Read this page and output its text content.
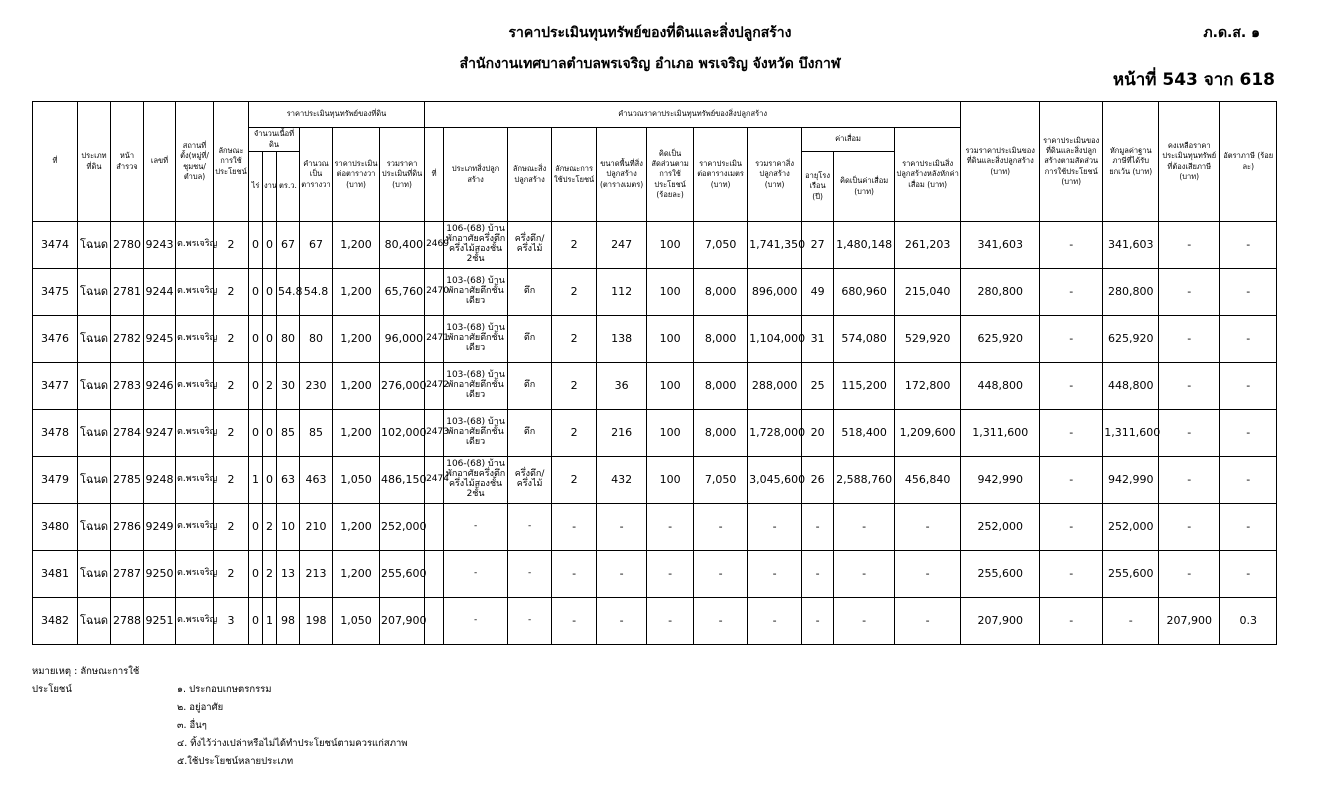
ราคาประเมินทุนทรัพย์ของที่ดินและสิ่งปลูกสร้าง	ภ.ด.ส. ๑
สำนักงานเทศบาลตำบลพรเจริญ อำเภอ พรเจริญ จังหวัด บึงกาฬ
หน้าที่ 543 จาก 618
ที่	ประเภทที่ดิน	หน้าสำรวจ	เลขที่	สถานที่ตั้ง(หมู่ที่/ชุมชน/ตำบล)	ลักษณะการใช้ประโยชน์	ราคาประเมินทุนทรัพย์ของที่ดิน						คำนวณราคาประเมินทุนทรัพย์ของสิ่งปลูกสร้าง											รวมราคาประเมินของที่ดินและสิ่งปลูกสร้าง (บาท)	ราคาประเมินของที่ดินและสิ่งปลูกสร้างตามสัดส่วนการใช้ประโยชน์ (บาท)	หักมูลค่าฐานภาษีที่ได้รับยกเว้น (บาท)	คงเหลือราคาประเมินทุนทรัพย์ที่ต้องเสียภาษี (บาท)	อัตราภาษี (ร้อยละ)
						จำนวนเนื้อที่ดิน			คำนวณเป็นตารางวา	ราคาประเมินต่อตารางวา (บาท)	รวมราคาประเมินที่ดิน (บาท)	ที่	ประเภทสิ่งปลูกสร้าง	ลักษณะสิ่งปลูกสร้าง	ลักษณะการใช้ประโยชน์	ขนาดพื้นที่สิ่งปลูกสร้าง (ตารางเมตร)	คิดเป็นสัดส่วนตามการใช้ประโยชน์ (ร้อยละ)	ราคาประเมินต่อตารางเมตร (บาท)	รวมราคาสิ่งปลูกสร้าง (บาท)	ค่าเสื่อม		ราคาประเมินสิ่งปลูกสร้างหลังหักค่าเสื่อม (บาท)					
						ไร่	งาน	ตร.ว.												อายุโรงเรือน (ปี)	คิดเป็นค่าเสื่อม (บาท)						
3474	โฉนด	2780	9243	ต.พรเจริญ	2	0	0	67	67	1,200	80,400	2469	106-(68) บ้านพักอาศัยครึ่งตึกครึ่งไม้สองชั้น 2ชั้น	ครึ่งตึก/ครึ่งไม้	2	247	100	7,050	1,741,350	27	1,480,148	261,203	341,603	-	341,603	-	-
3475	โฉนด	2781	9244	ต.พรเจริญ	2	0	0	54.8	54.8	1,200	65,760	2470	103-(68) บ้านพักอาศัยตึกชั้นเดียว	ตึก	2	112	100	8,000	896,000	49	680,960	215,040	280,800	-	280,800	-	-
3476	โฉนด	2782	9245	ต.พรเจริญ	2	0	0	80	80	1,200	96,000	2471	103-(68) บ้านพักอาศัยตึกชั้นเดียว	ตึก	2	138	100	8,000	1,104,000	31	574,080	529,920	625,920	-	625,920	-	-
3477	โฉนด	2783	9246	ต.พรเจริญ	2	0	2	30	230	1,200	276,000	2472	103-(68) บ้านพักอาศัยตึกชั้นเดียว	ตึก	2	36	100	8,000	288,000	25	115,200	172,800	448,800	-	448,800	-	-
3478	โฉนด	2784	9247	ต.พรเจริญ	2	0	0	85	85	1,200	102,000	2473	103-(68) บ้านพักอาศัยตึกชั้นเดียว	ตึก	2	216	100	8,000	1,728,000	20	518,400	1,209,600	1,311,600	-	1,311,600	-	-
3479	โฉนด	2785	9248	ต.พรเจริญ	2	1	0	63	463	1,050	486,150	2474	106-(68) บ้านพักอาศัยครึ่งตึกครึ่งไม้สองชั้น 2ชั้น	ครึ่งตึก/ครึ่งไม้	2	432	100	7,050	3,045,600	26	2,588,760	456,840	942,990	-	942,990	-	-
3480	โฉนด	2786	9249	ต.พรเจริญ	2	0	2	10	210	1,200	252,000		-	-	-	-	-	-	-	-	-	-	252,000	-	252,000	-	-
3481	โฉนด	2787	9250	ต.พรเจริญ	2	0	2	13	213	1,200	255,600		-	-	-	-	-	-	-	-	-	-	255,600	-	255,600	-	-
3482	โฉนด	2788	9251	ต.พรเจริญ	3	0	1	98	198	1,050	207,900		-	-	-	-	-	-	-	-	-	-	207,900	-	-	207,900	0.3
หมายเหตุ : ลักษณะการใช้ประโยชน์	๑. ประกอบเกษตรกรรม
๒. อยู่อาศัย
๓. อื่นๆ
๔. ทิ้งไว้ว่างเปล่าหรือไม่ได้ทำประโยชน์ตามควรแก่สภาพ
๕.ใช้ประโยชน์หลายประเภท
